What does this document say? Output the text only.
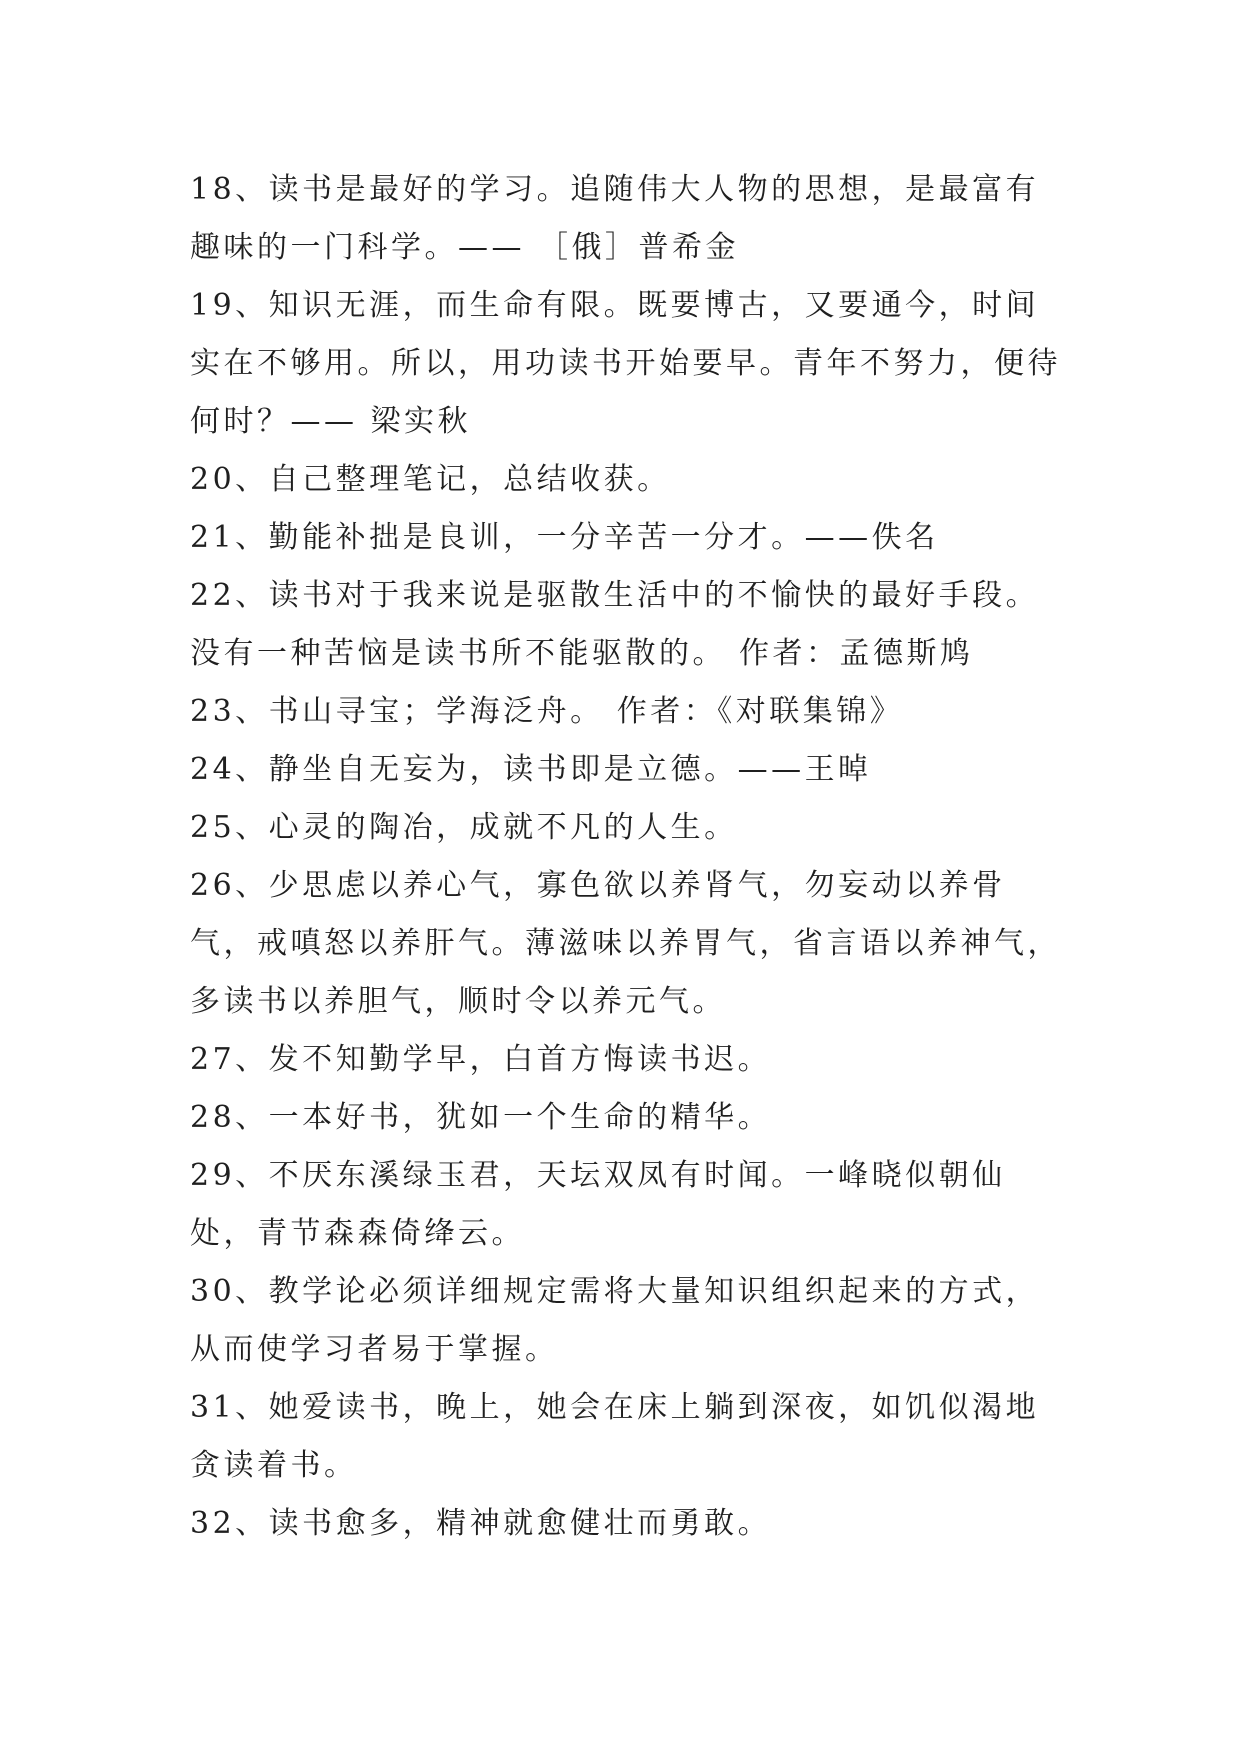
18、读书是最好的学习。追随伟大人物的思想，是最富有趣味的一门科学。—— ［俄］普希金

19、知识无涯，而生命有限。既要博古，又要通今，时间实在不够用。所以，用功读书开始要早。青年不努力，便待何时？—— 梁实秋

20、自己整理笔记，总结收获。

21、勤能补拙是良训，一分辛苦一分才。——佚名

22、读书对于我来说是驱散生活中的不愉快的最好手段。没有一种苦恼是读书所不能驱散的。 作者：孟德斯鸠

23、书山寻宝；学海泛舟。 作者：《对联集锦》

24、静坐自无妄为，读书即是立德。——王晫

25、心灵的陶冶，成就不凡的人生。

26、少思虑以养心气，寡色欲以养肾气，勿妄动以养骨气，戒嗔怒以养肝气。薄滋味以养胃气，省言语以养神气，多读书以养胆气，顺时令以养元气。

27、发不知勤学早，白首方悔读书迟。

28、一本好书，犹如一个生命的精华。

29、不厌东溪绿玉君，天坛双凤有时闻。一峰晓似朝仙处，青节森森倚绛云。

30、教学论必须详细规定需将大量知识组织起来的方式，从而使学习者易于掌握。

31、她爱读书，晚上，她会在床上躺到深夜，如饥似渴地贪读着书。

32、读书愈多，精神就愈健壮而勇敢。
